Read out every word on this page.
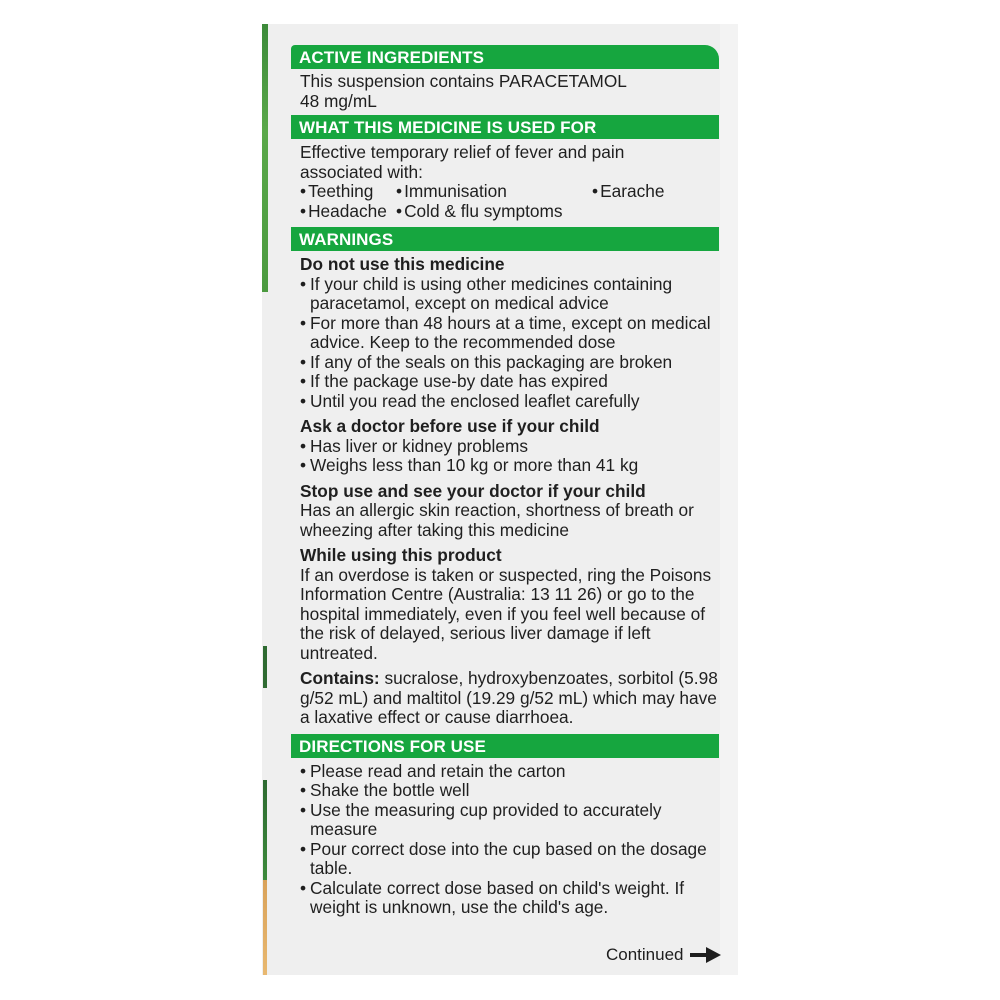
ACTIVE INGREDIENTS

This suspension contains PARACETAMOL

48 mg/mL

WHAT THIS MEDICINE IS USED FOR

Effective temporary relief of fever and pain

associated with:

• Teething	• Immunisation	• Earache
• Headache • Cold & flu symptoms
WARNINGS

Do not use this medicine

• If your child is using other medicines containing paracetamol, except on medical advice
• For more than 48 hours at a time, except on medical advice. Keep to the recommended dose
• If any of the seals on this packaging are broken
• If the package use-by date has expired
• Until you read the enclosed leaflet carefully

Ask a doctor before use if your child

• Has liver or kidney problems
• Weighs less than 10 kg or more than 41 kg

Stop use and see your doctor if your child

Has an allergic skin reaction, shortness of breath or wheezing after taking this medicine

While using this product

If an overdose is taken or suspected, ring the Poisons Information Centre (Australia: 13 11 26) or go to the hospital immediately, even if you feel well because of the risk of delayed, serious liver damage if left untreated.

Contains: sucralose, hydroxybenzoates, sorbitol (5.98 g/52 mL) and maltitol (19.29 g/52 mL) which may have a laxative effect or cause diarrhoea.

DIRECTIONS FOR USE
• Please read and retain the carton
• Shake the bottle well
• Use the measuring cup provided to accurately measure
• Pour correct dose into the cup based on the dosage table.
• Calculate correct dose based on child's weight. If weight is unknown, use the child's age.
Continued
